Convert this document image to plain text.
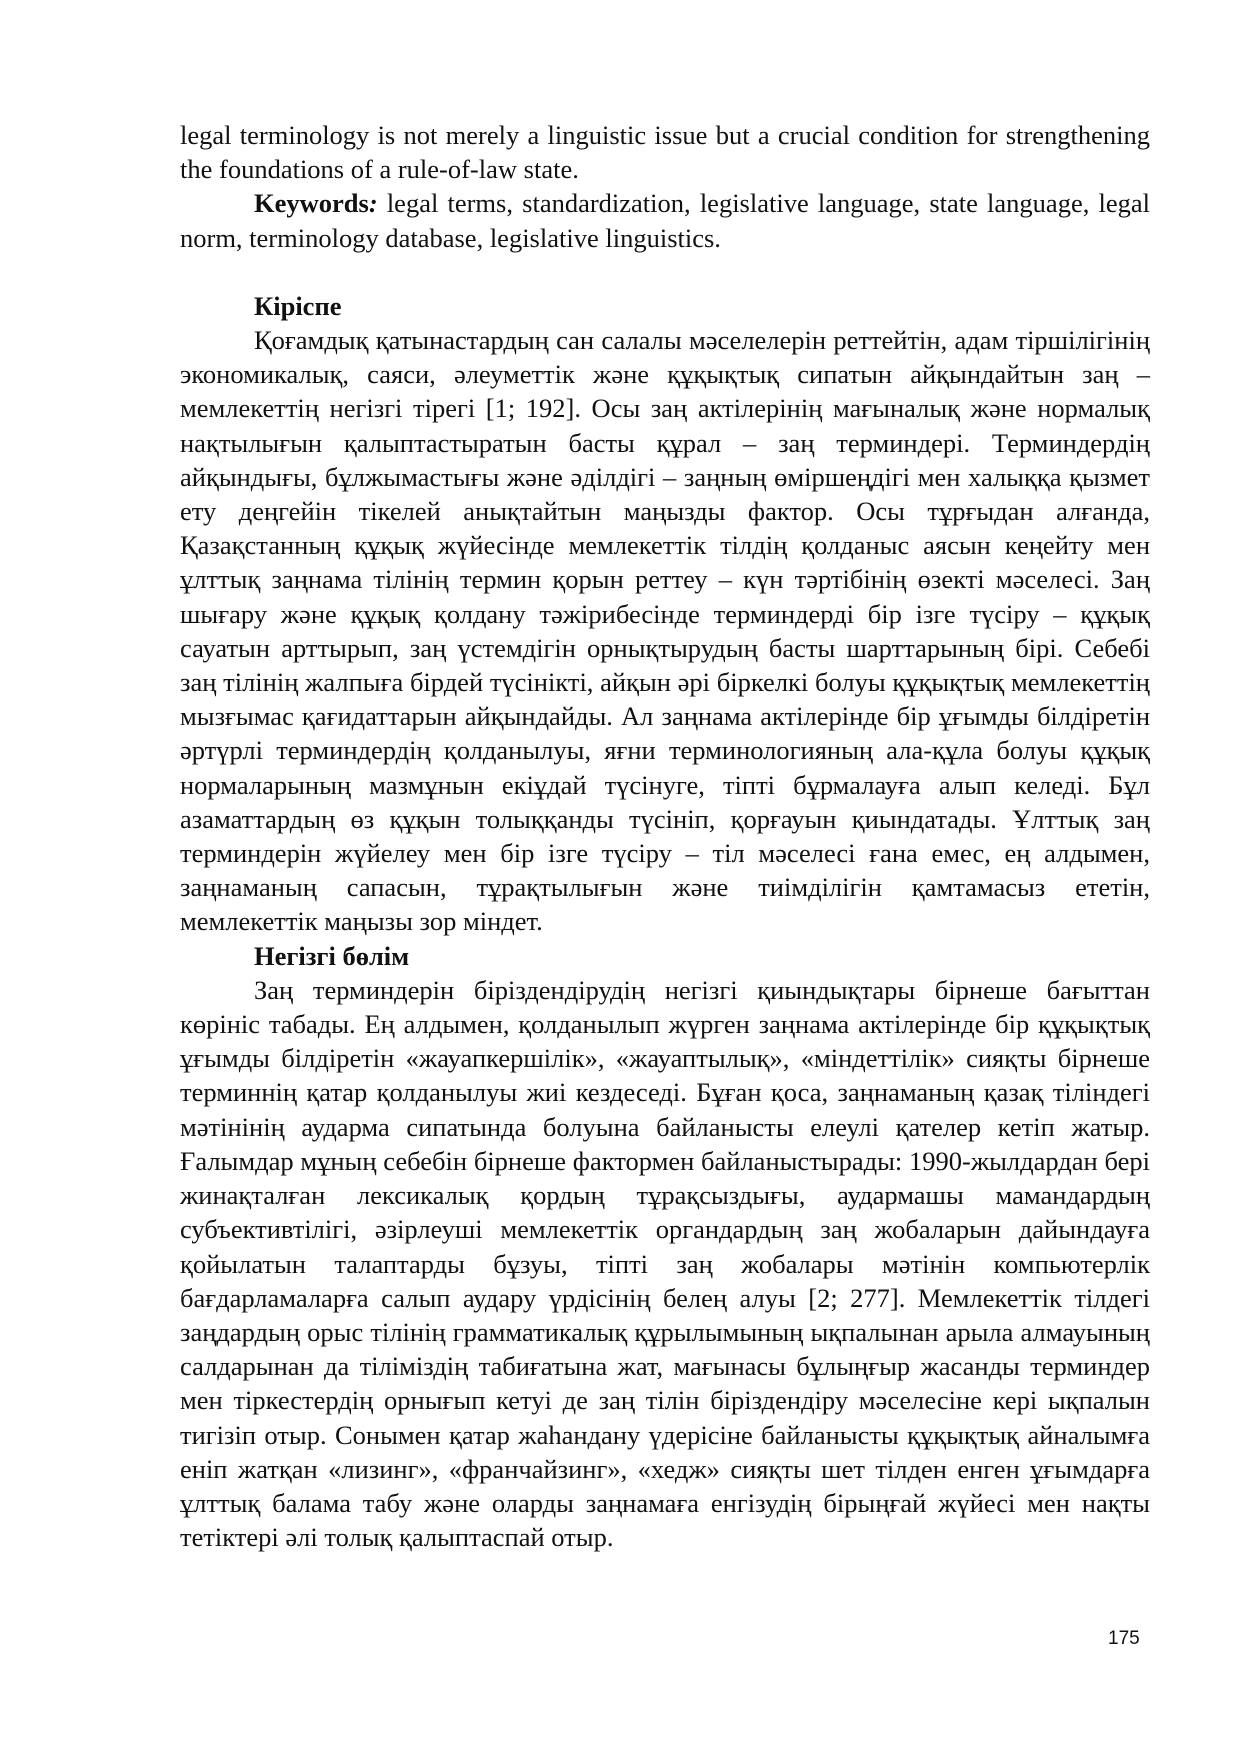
legal terminology is not merely a linguistic issue but a crucial condition for strengthening the foundations of a rule-of-law state.

Keywords: legal terms, standardization, legislative language, state language, legal norm, terminology database, legislative linguistics.

Кіріспе

Қоғамдық қатынастардың сан салалы мәселелерін реттейтін, адам тіршілігінің экономикалық, саяси, әлеуметтік және құқықтық сипатын айқындайтын заң – мемлекеттің негізгі тірегі [1; 192]. Осы заң актілерінің мағыналық және нормалық нақтылығын қалыптастыратын басты құрал – заң терминдері. Терминдердің айқындығы, бұлжымастығы және әділдігі – заңның өміршеңдігі мен халыққа қызмет ету деңгейін тікелей анықтайтын маңызды фактор. Осы тұрғыдан алғанда, Қазақстанның құқық жүйесінде мемлекеттік тілдің қолданыс аясын кеңейту мен ұлттық заңнама тілінің термин қорын реттеу – күн тәртібінің өзекті мәселесі. Заң шығару және құқық қолдану тәжірибесінде терминдерді бір ізге түсіру – құқық сауатын арттырып, заң үстемдігін орнықтырудың басты шарттарының бірі. Себебі заң тілінің жалпыға бірдей түсінікті, айқын әрі біркелкі болуы құқықтық мемлекеттің мызғымас қағидаттарын айқындайды. Ал заңнама актілерінде бір ұғымды білдіретін әртүрлі терминдердің қолданылуы, яғни терминологияның ала-құла болуы құқық нормаларының мазмұнын екіұдай түсінуге, тіпті бұрмалауға алып келеді. Бұл азаматтардың өз құқын толыққанды түсініп, қорғауын қиындатады. Ұлттық заң терминдерін жүйелеу мен бір ізге түсіру – тіл мәселесі ғана емес, ең алдымен, заңнаманың сапасын, тұрақтылығын және тиімділігін қамтамасыз ететін, мемлекеттік маңызы зор міндет.

Негізгі бөлім

Заң терминдерін біріздендірудің негізгі қиындықтары бірнеше бағыттан көрініс табады. Ең алдымен, қолданылып жүрген заңнама актілерінде бір құқықтық ұғымды білдіретін «жауапкершілік», «жауаптылық», «міндеттілік» сияқты бірнеше терминнің қатар қолданылуы жиі кездеседі. Бұған қоса, заңнаманың қазақ тіліндегі мәтінінің аударма сипатында болуына байланысты елеулі қателер кетіп жатыр. Ғалымдар мұның себебін бірнеше фактормен байланыстырады: 1990-жылдардан бері жинақталған лексикалық қордың тұрақсыздығы, аудармашы мамандардың субъективтілігі, әзірлеуші мемлекеттік органдардың заң жобаларын дайындауға қойылатын талаптарды бұзуы, тіпті заң жобалары мәтінін компьютерлік бағдарламаларға салып аудару үрдісінің белең алуы [2; 277]. Мемлекеттік тілдегі заңдардың орыс тілінің грамматикалық құрылымының ықпалынан арыла алмауының салдарынан да тіліміздің табиғатына жат, мағынасы бұлыңғыр жасанды терминдер мен тіркестердің орнығып кетуі де заң тілін біріздендіру мәселесіне кері ықпалын тигізіп отыр. Сонымен қатар жаһандану үдерісіне байланысты құқықтық айналымға еніп жатқан «лизинг», «франчайзинг», «хедж» сияқты шет тілден енген ұғымдарға ұлттық балама табу және оларды заңнамаға енгізудің бірыңғай жүйесі мен нақты тетіктері әлі толық қалыптаспай отыр.

175
